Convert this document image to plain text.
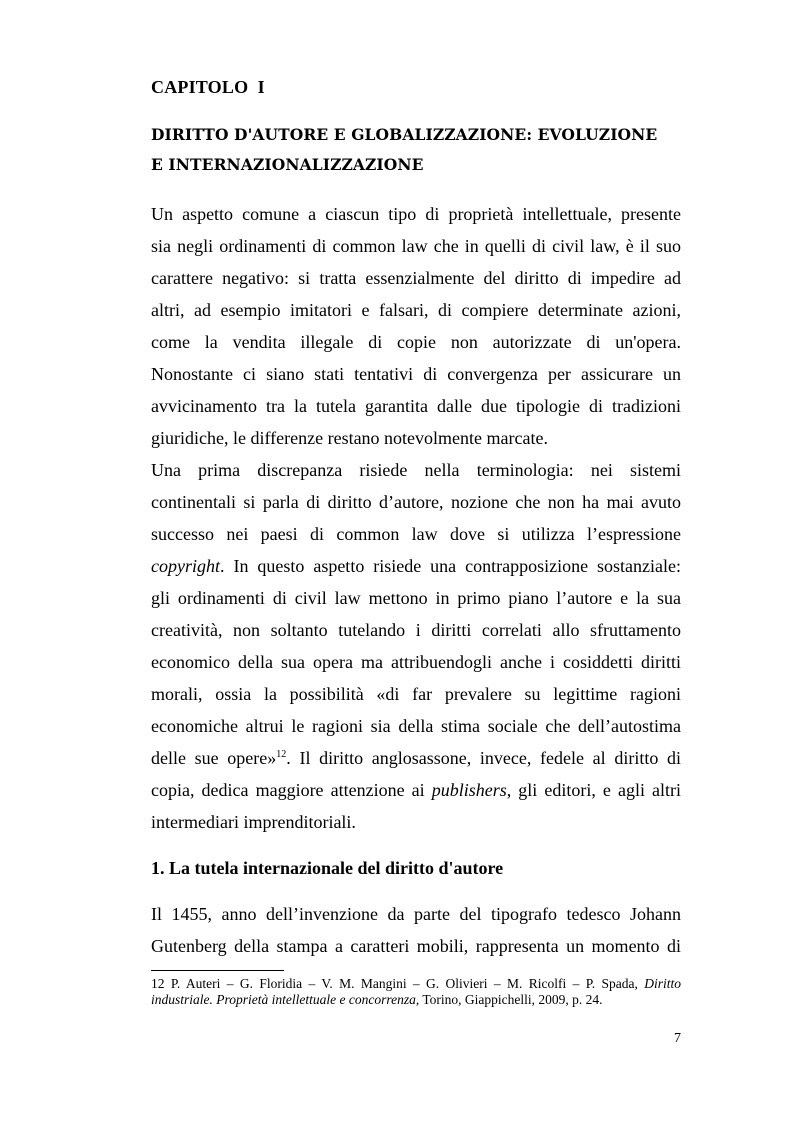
CAPITOLO  I
DIRITTO D'AUTORE E GLOBALIZZAZIONE: EVOLUZIONE
E INTERNAZIONALIZZAZIONE
Un aspetto comune a ciascun tipo di proprietà intellettuale, presente
sia negli ordinamenti di common law che in quelli di civil law, è il suo
carattere negativo: si tratta essenzialmente del diritto di impedire ad
altri, ad esempio imitatori e falsari, di compiere determinate azioni,
come la vendita illegale di copie non autorizzate di un'opera.
Nonostante ci siano stati tentativi di convergenza per assicurare un
avvicinamento tra la tutela garantita dalle due tipologie di tradizioni
giuridiche, le differenze restano notevolmente marcate.
Una prima discrepanza risiede nella terminologia: nei sistemi
continentali si parla di diritto d’autore, nozione che non ha mai avuto
successo nei paesi di common law dove si utilizza l’espressione
copyright. In questo aspetto risiede una contrapposizione sostanziale:
gli ordinamenti di civil law mettono in primo piano l’autore e la sua
creatività, non soltanto tutelando i diritti correlati allo sfruttamento
economico della sua opera ma attribuendogli anche i cosiddetti diritti
morali, ossia la possibilità «di far prevalere su legittime ragioni
economiche altrui le ragioni sia della stima sociale che dell’autostima
delle sue opere»$^{12}$. Il diritto anglosassone, invece, fedele al diritto di
copia, dedica maggiore attenzione ai publishers, gli editori, e agli altri
intermediari imprenditoriali.
1. La tutela internazionale del diritto d'autore
Il 1455, anno dell’invenzione da parte del tipografo tedesco Johann
Gutenberg della stampa a caratteri mobili, rappresenta un momento di
12 P. Auteri – G. Floridia – V. M. Mangini – G. Olivieri – M. Ricolfi – P. Spada, Diritto
industriale. Proprietà intellettuale e concorrenza, Torino, Giappichelli, 2009, p. 24.
7
